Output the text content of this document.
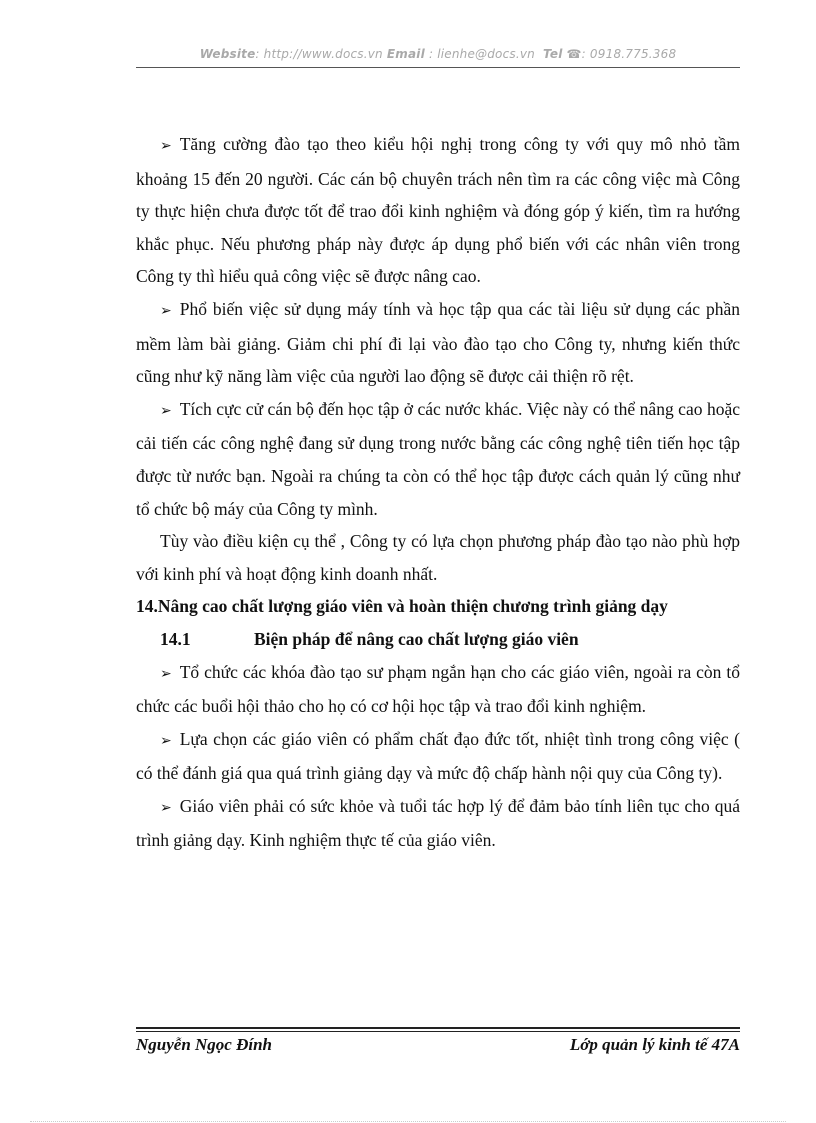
Website: http://www.docs.vn Email : lienhe@docs.vn Tel ☎: 0918.775.368

➢ Tăng cường đào tạo theo kiểu hội nghị trong công ty với quy mô nhỏ tầm khoảng 15 đến 20 người. Các cán bộ chuyên trách nên tìm ra các công việc mà Công ty thực hiện chưa được tốt để trao đổi kinh nghiệm và đóng góp ý kiến, tìm ra hướng khắc phục. Nếu phương pháp này được áp dụng phổ biến với các nhân viên trong Công ty thì hiểu quả công việc sẽ được nâng cao.

➢ Phổ biến việc sử dụng máy tính và học tập qua các tài liệu sử dụng các phần mềm làm bài giảng. Giảm chi phí đi lại vào đào tạo cho Công ty, nhưng kiến thức cũng như kỹ năng làm việc của người lao động sẽ được cải thiện rõ rệt.

➢ Tích cực cử cán bộ đến học tập ở các nước khác. Việc này có thể nâng cao hoặc cải tiến các công nghệ đang sử dụng trong nước bằng các công nghệ tiên tiến học tập được từ nước bạn. Ngoài ra chúng ta còn có thể học tập được cách quản lý cũng như tổ chức bộ máy của Công ty mình.

Tùy vào điều kiện cụ thể , Công ty có lựa chọn phương pháp đào tạo nào phù hợp với kinh phí và hoạt động kinh doanh nhất.

14.Nâng cao chất lượng giáo viên và hoàn thiện chương trình giảng dạy

14.1	Biện pháp để nâng cao chất lượng giáo viên

➢ Tổ chức các khóa đào tạo sư phạm ngắn hạn cho các giáo viên, ngoài ra còn tổ chức các buổi hội thảo cho họ có cơ hội học tập và trao đổi kinh nghiệm.

➢ Lựa chọn các giáo viên có phẩm chất đạo đức tốt, nhiệt tình trong công việc ( có thể đánh giá qua quá trình giảng dạy và mức độ chấp hành nội quy của Công ty).

➢ Giáo viên phải có sức khỏe và tuổi tác hợp lý để đảm bảo tính liên tục cho quá trình giảng dạy. Kinh nghiệm thực tế của giáo viên.

Nguyễn Ngọc Đính	Lớp quản lý kinh tế 47A
